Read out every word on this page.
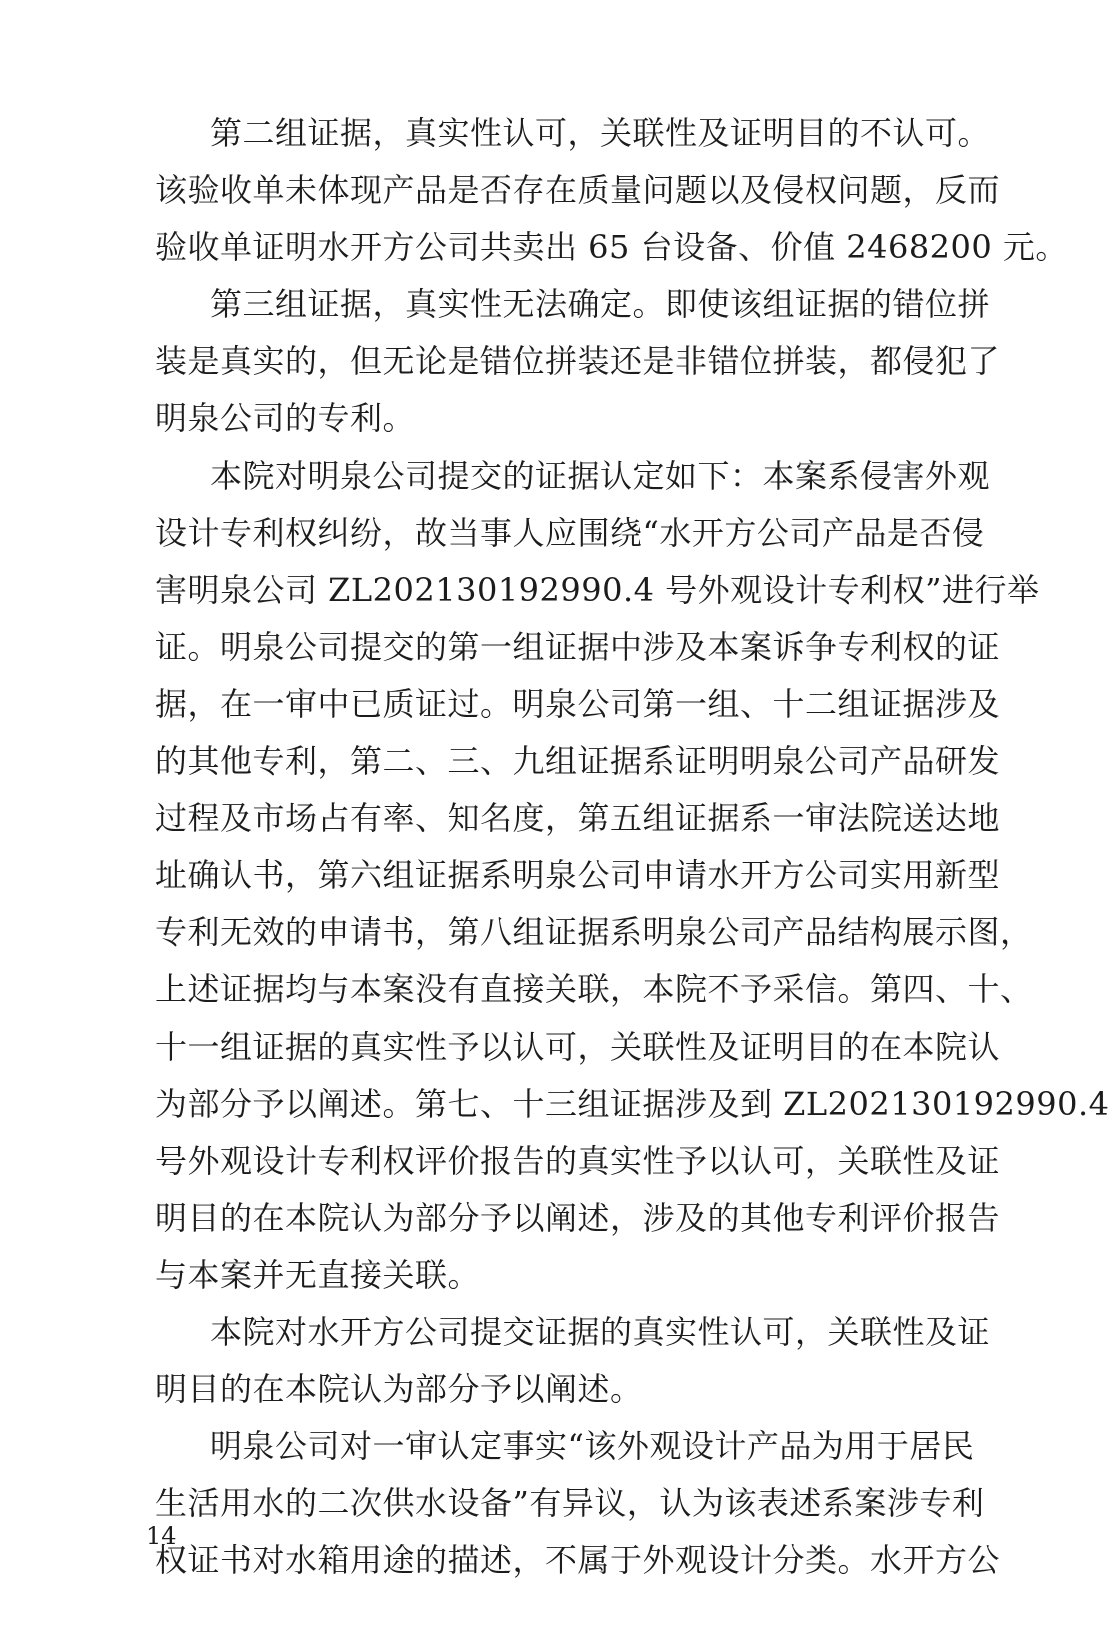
第二组证据，真实性认可，关联性及证明目的不认可。
该验收单未体现产品是否存在质量问题以及侵权问题，反而
验收单证明水开方公司共卖出 65 台设备、价值 2468200 元。
第三组证据，真实性无法确定。即使该组证据的错位拼
装是真实的，但无论是错位拼装还是非错位拼装，都侵犯了
明泉公司的专利。
本院对明泉公司提交的证据认定如下：本案系侵害外观
设计专利权纠纷，故当事人应围绕“水开方公司产品是否侵
害明泉公司 ZL202130192990.4 号外观设计专利权”进行举
证。明泉公司提交的第一组证据中涉及本案诉争专利权的证
据，在一审中已质证过。明泉公司第一组、十二组证据涉及
的其他专利，第二、三、九组证据系证明明泉公司产品研发
过程及市场占有率、知名度，第五组证据系一审法院送达地
址确认书，第六组证据系明泉公司申请水开方公司实用新型
专利无效的申请书，第八组证据系明泉公司产品结构展示图，
上述证据均与本案没有直接关联，本院不予采信。第四、十、
十一组证据的真实性予以认可，关联性及证明目的在本院认
为部分予以阐述。第七、十三组证据涉及到 ZL202130192990.4
号外观设计专利权评价报告的真实性予以认可，关联性及证
明目的在本院认为部分予以阐述，涉及的其他专利评价报告
与本案并无直接关联。
本院对水开方公司提交证据的真实性认可，关联性及证
明目的在本院认为部分予以阐述。
明泉公司对一审认定事实“该外观设计产品为用于居民
生活用水的二次供水设备”有异议，认为该表述系案涉专利
权证书对水箱用途的描述，不属于外观设计分类。水开方公
14
